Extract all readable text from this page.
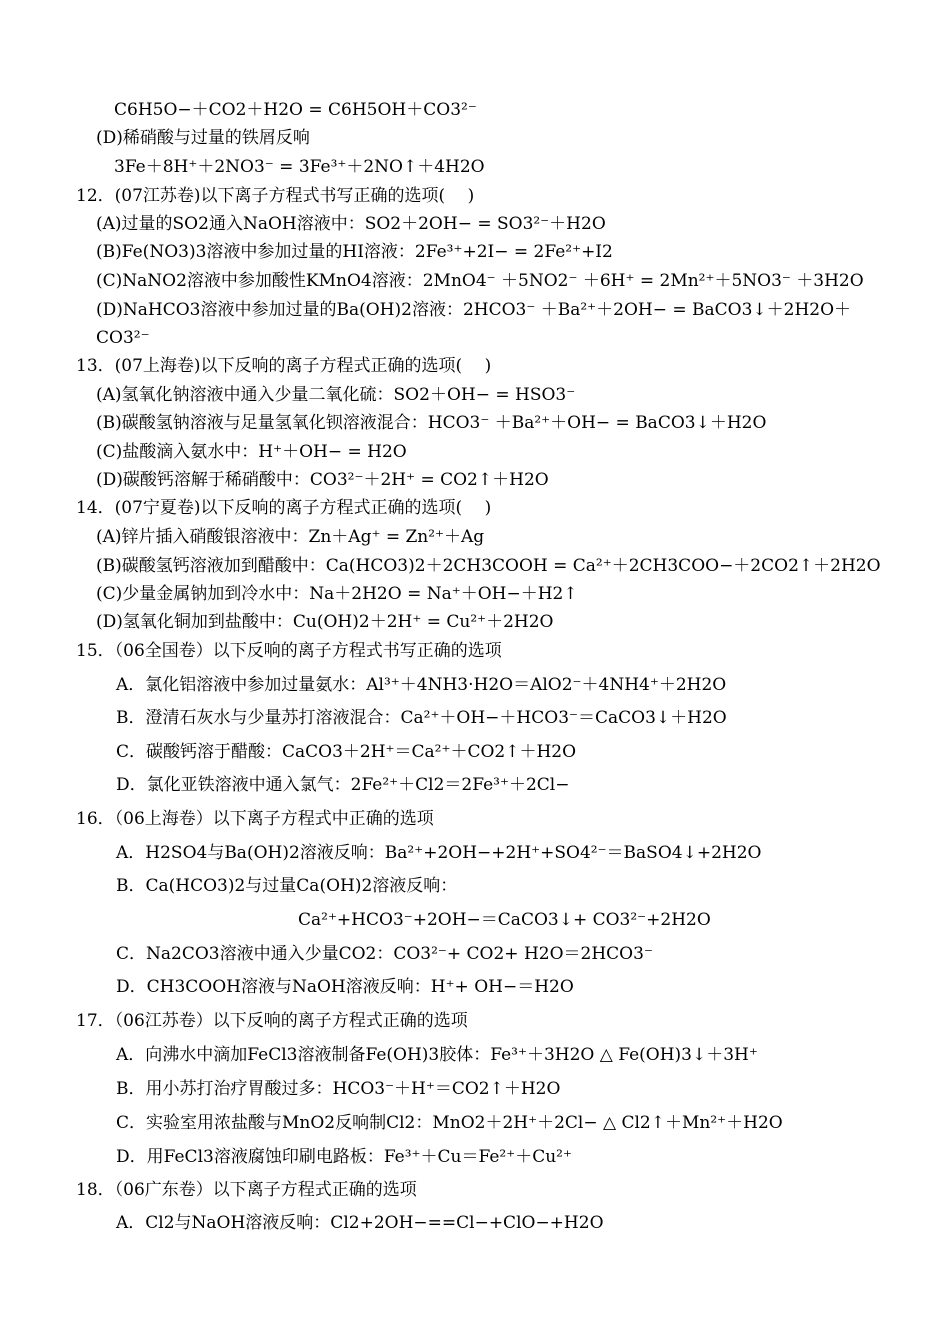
C6H5O−＋CO2＋H2O = C6H5OH＋CO3²⁻
(D)稀硝酸与过量的铁屑反响
3Fe＋8H⁺＋2NO3⁻ = 3Fe³⁺＋2NO↑＋4H2O
12．(07江苏卷)以下离子方程式书写正确的选项(　 )
(A)过量的SO2通入NaOH溶液中：SO2＋2OH− = SO3²⁻＋H2O
(B)Fe(NO3)3溶液中参加过量的HI溶液：2Fe³⁺+2I− = 2Fe²⁺+I2
(C)NaNO2溶液中参加酸性KMnO4溶液：2MnO4⁻ ＋5NO2⁻ ＋6H⁺ = 2Mn²⁺＋5NO3⁻ ＋3H2O
(D)NaHCO3溶液中参加过量的Ba(OH)2溶液：2HCO3⁻ ＋Ba²⁺＋2OH− = BaCO3↓＋2H2O＋CO3²⁻
13．(07上海卷)以下反响的离子方程式正确的选项(　 )
(A)氢氧化钠溶液中通入少量二氧化硫：SO2＋OH− = HSO3⁻
(B)碳酸氢钠溶液与足量氢氧化钡溶液混合：HCO3⁻ ＋Ba²⁺＋OH− = BaCO3↓＋H2O
(C)盐酸滴入氨水中：H⁺＋OH− = H2O
(D)碳酸钙溶解于稀硝酸中：CO3²⁻＋2H⁺ = CO2↑＋H2O
14．(07宁夏卷)以下反响的离子方程式正确的选项(　 )
(A)锌片插入硝酸银溶液中：Zn＋Ag⁺ = Zn²⁺＋Ag
(B)碳酸氢钙溶液加到醋酸中：Ca(HCO3)2＋2CH3COOH = Ca²⁺＋2CH3COO−＋2CO2↑＋2H2O
(C)少量金属钠加到冷水中：Na＋2H2O = Na⁺＋OH−＋H2↑
(D)氢氧化铜加到盐酸中：Cu(OH)2＋2H⁺ = Cu²⁺＋2H2O
15．（06全国卷）以下反响的离子方程式书写正确的选项
A．氯化铝溶液中参加过量氨水：Al³⁺＋4NH3·H2O＝AlO2⁻＋4NH4⁺＋2H2O
B．澄清石灰水与少量苏打溶液混合：Ca²⁺＋OH−＋HCO3⁻＝CaCO3↓＋H2O
C．碳酸钙溶于醋酸：CaCO3＋2H⁺＝Ca²⁺＋CO2↑＋H2O
D．氯化亚铁溶液中通入氯气：2Fe²⁺＋Cl2＝2Fe³⁺＋2Cl−
16．（06上海卷）以下离子方程式中正确的选项
A．H2SO4与Ba(OH)2溶液反响：Ba²⁺+2OH−+2H⁺+SO4²⁻＝BaSO4↓+2H2O
B．Ca(HCO3)2与过量Ca(OH)2溶液反响：
Ca²⁺+HCO3⁻+2OH−＝CaCO3↓+ CO3²⁻+2H2O
C．Na2CO3溶液中通入少量CO2：CO3²⁻+ CO2+ H2O＝2HCO3⁻
D．CH3COOH溶液与NaOH溶液反响：H⁺+ OH−＝H2O
17．（06江苏卷）以下反响的离子方程式正确的选项
A．向沸水中滴加FeCl3溶液制备Fe(OH)3胶体：Fe³⁺＋3H2O △ Fe(OH)3↓＋3H⁺
B．用小苏打治疗胃酸过多：HCO3⁻＋H⁺＝CO2↑＋H2O
C．实验室用浓盐酸与MnO2反响制Cl2：MnO2＋2H⁺＋2Cl− △ Cl2↑＋Mn²⁺＋H2O
D．用FeCl3溶液腐蚀印刷电路板：Fe³⁺＋Cu＝Fe²⁺＋Cu²⁺
18．（06广东卷）以下离子方程式正确的选项
A．Cl2与NaOH溶液反响：Cl2+2OH−==Cl−+ClO−+H2O
